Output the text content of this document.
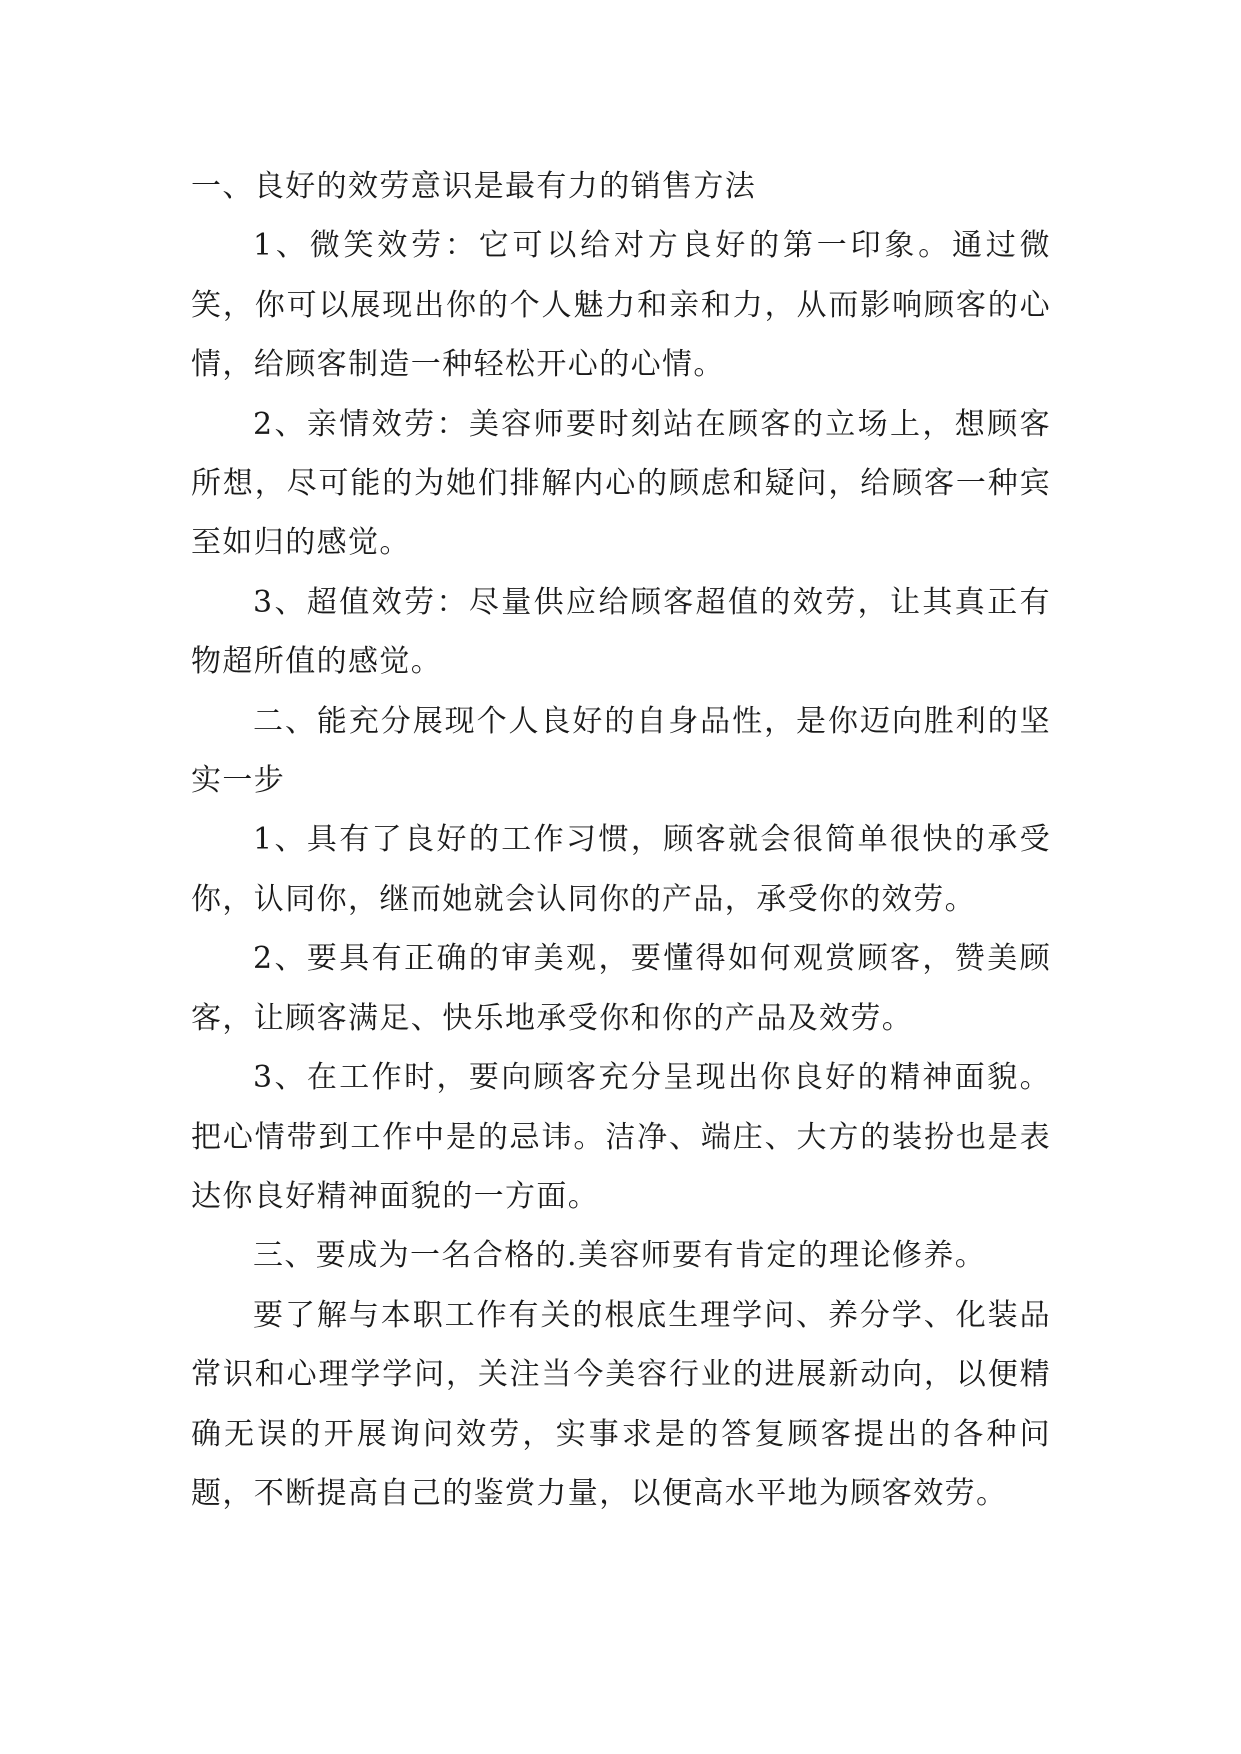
一、良好的效劳意识是最有力的销售方法

1、微笑效劳：它可以给对方良好的第一印象。通过微笑，你可以展现出你的个人魅力和亲和力，从而影响顾客的心情，给顾客制造一种轻松开心的心情。

2、亲情效劳：美容师要时刻站在顾客的立场上，想顾客所想，尽可能的为她们排解内心的顾虑和疑问，给顾客一种宾至如归的感觉。

3、超值效劳：尽量供应给顾客超值的效劳，让其真正有物超所值的感觉。

二、能充分展现个人良好的自身品性，是你迈向胜利的坚实一步

1、具有了良好的工作习惯，顾客就会很简单很快的承受你，认同你，继而她就会认同你的产品，承受你的效劳。

2、要具有正确的审美观，要懂得如何观赏顾客，赞美顾客，让顾客满足、快乐地承受你和你的产品及效劳。

3、在工作时，要向顾客充分呈现出你良好的精神面貌。把心情带到工作中是的忌讳。洁净、端庄、大方的装扮也是表达你良好精神面貌的一方面。

三、要成为一名合格的.美容师要有肯定的理论修养。

要了解与本职工作有关的根底生理学问、养分学、化装品常识和心理学学问，关注当今美容行业的进展新动向，以便精确无误的开展询问效劳，实事求是的答复顾客提出的各种问题，不断提高自己的鉴赏力量，以便高水平地为顾客效劳。
